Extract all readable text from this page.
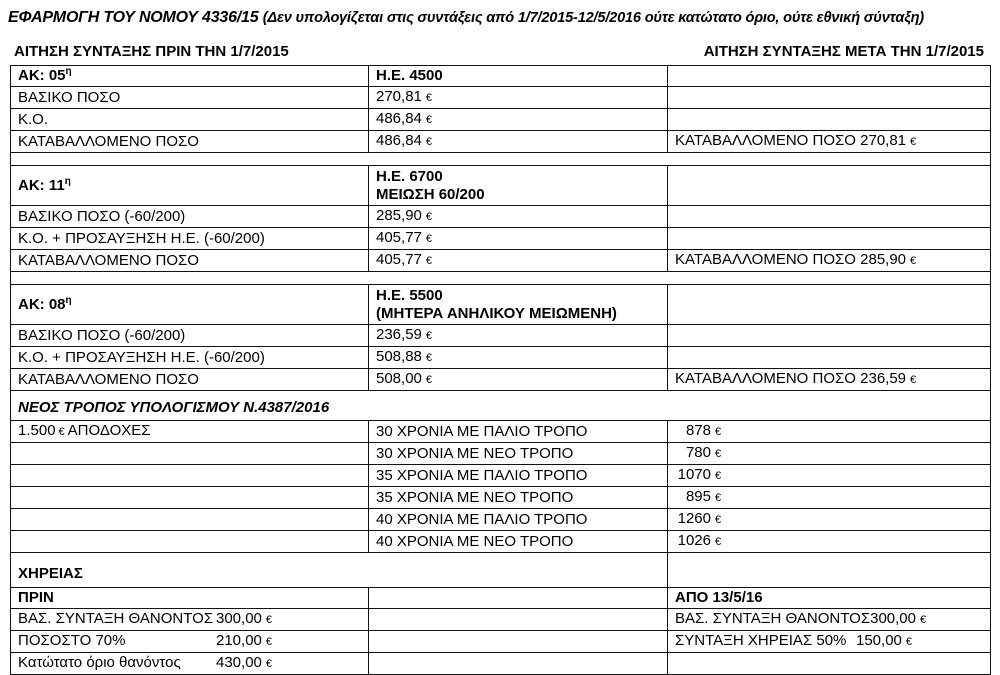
ΕΦΑΡΜΟΓΗ ΤΟΥ ΝΟΜΟΥ 4336/15 (Δεν υπολογίζεται στις συντάξεις από 1/7/2015-12/5/2016 ούτε κατώτατο όριο, ούτε εθνική σύνταξη)
ΑΙΤΗΣΗ ΣΥΝΤΑΞΗΣ ΠΡΙΝ ΤΗΝ 1/7/2015	ΑΙΤΗΣΗ ΣΥΝΤΑΞΗΣ ΜΕΤΑ ΤΗΝ 1/7/2015
ΑΚ: $05^\eta$	Η.Ε. 4500	
ΒΑΣΙΚΟ ΠΟΣΟ	270,81 €	
Κ.Ο.	486,84 €	
ΚΑΤΑΒΑΛΛΟΜΕΝΟ ΠΟΣΟ	486,84 €	ΚΑΤΑΒΑΛΛΟΜΕΝΟ ΠΟΣΟ 270,81 €

ΑΚ: $11^\eta$	Η.Ε. 6700
ΜΕΙΩΣΗ 60/200	

ΒΑΣΙΚΟ ΠΟΣΟ (-60/200)	285,90 €	
Κ.Ο. + ΠΡΟΣΑΥΞΗΣΗ Η.Ε. (-60/200)	405,77 €	
ΚΑΤΑΒΑΛΛΟΜΕΝΟ ΠΟΣΟ	405,77 €	ΚΑΤΑΒΑΛΛΟΜΕΝΟ ΠΟΣΟ 285,90 €

ΑΚ: $08^\eta$	Η.Ε. 5500
(ΜΗΤΕΡΑ ΑΝΗΛΙΚΟΥ ΜΕΙΩΜΕΝΗ)	

ΒΑΣΙΚΟ ΠΟΣΟ (-60/200)	236,59 €	
Κ.Ο. + ΠΡΟΣΑΥΞΗΣΗ Η.Ε. (-60/200)	508,88 €	
ΚΑΤΑΒΑΛΛΟΜΕΝΟ ΠΟΣΟ	508,00 €	ΚΑΤΑΒΑΛΛΟΜΕΝΟ ΠΟΣΟ 236,59 €
ΝΕΟΣ ΤΡΟΠΟΣ ΥΠΟΛΟΓΙΣΜΟΥ Ν.4387/2016		
1.500 € ΑΠΟΔΟΧΕΣ	30 ΧΡΟΝΙΑ ΜΕ ΠΑΛΙΟ ΤΡΟΠΟ	878 €
	30 ΧΡΟΝΙΑ ΜΕ ΝΕΟ ΤΡΟΠΟ	780 €
	35 ΧΡΟΝΙΑ ΜΕ ΠΑΛΙΟ ΤΡΟΠΟ	1070 €
	35 ΧΡΟΝΙΑ ΜΕ ΝΕΟ ΤΡΟΠΟ	895 €
	40 ΧΡΟΝΙΑ ΜΕ ΠΑΛΙΟ ΤΡΟΠΟ	1260 €
	40 ΧΡΟΝΙΑ ΜΕ ΝΕΟ ΤΡΟΠΟ	1026 €
ΧΗΡΕΙΑΣ		
ΠΡΙΝ		ΑΠΟ 13/5/16
ΒΑΣ. ΣΥΝΤΑΞΗ ΘΑΝΟΝΤΟΣ 300,00 €		ΒΑΣ. ΣΥΝΤΑΞΗ ΘΑΝΟΝΤΟΣ300,00 €
ΠΟΣΟΣΤΟ 70% 210,00 €		ΣΥΝΤΑΞΗ ΧΗΡΕΙΑΣ 50% 150,00 €
Κατώτατο όριο θανόντος 430,00 €		
